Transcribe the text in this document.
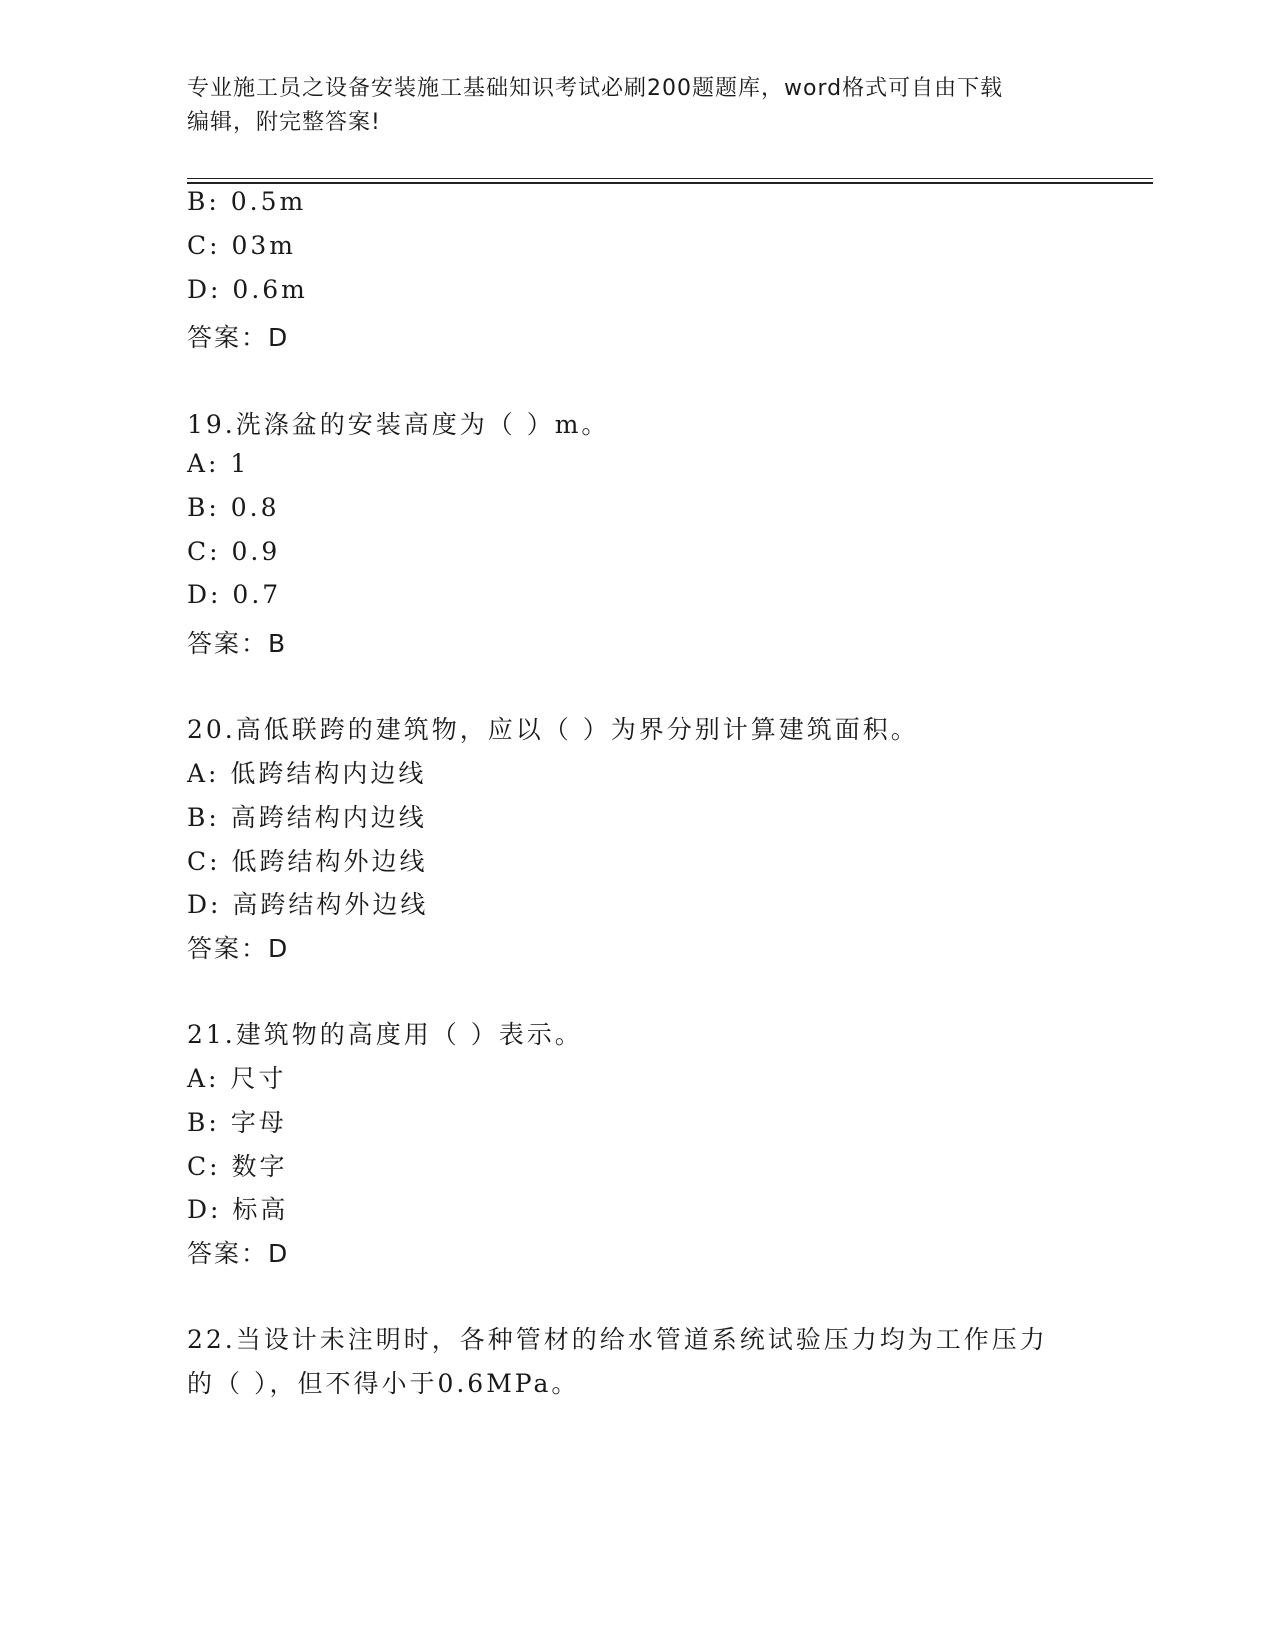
专业施工员之设备安装施工基础知识考试必刷200题题库，word格式可自由下载
编辑，附完整答案!
B: 0.5m
C: 03m
D: 0.6m
答案：D
19.洗涤盆的安装高度为（ ）m。
A: 1
B: 0.8
C: 0.9
D: 0.7
答案：B
20.高低联跨的建筑物，应以（ ）为界分别计算建筑面积。
A: 低跨结构内边线
B: 高跨结构内边线
C: 低跨结构外边线
D: 高跨结构外边线
答案：D
21.建筑物的高度用（ ）表示。
A: 尺寸
B: 字母
C: 数字
D: 标高
答案：D
22.当设计未注明时，各种管材的给水管道系统试验压力均为工作压力
的（ ），但不得小于0.6MPa。
